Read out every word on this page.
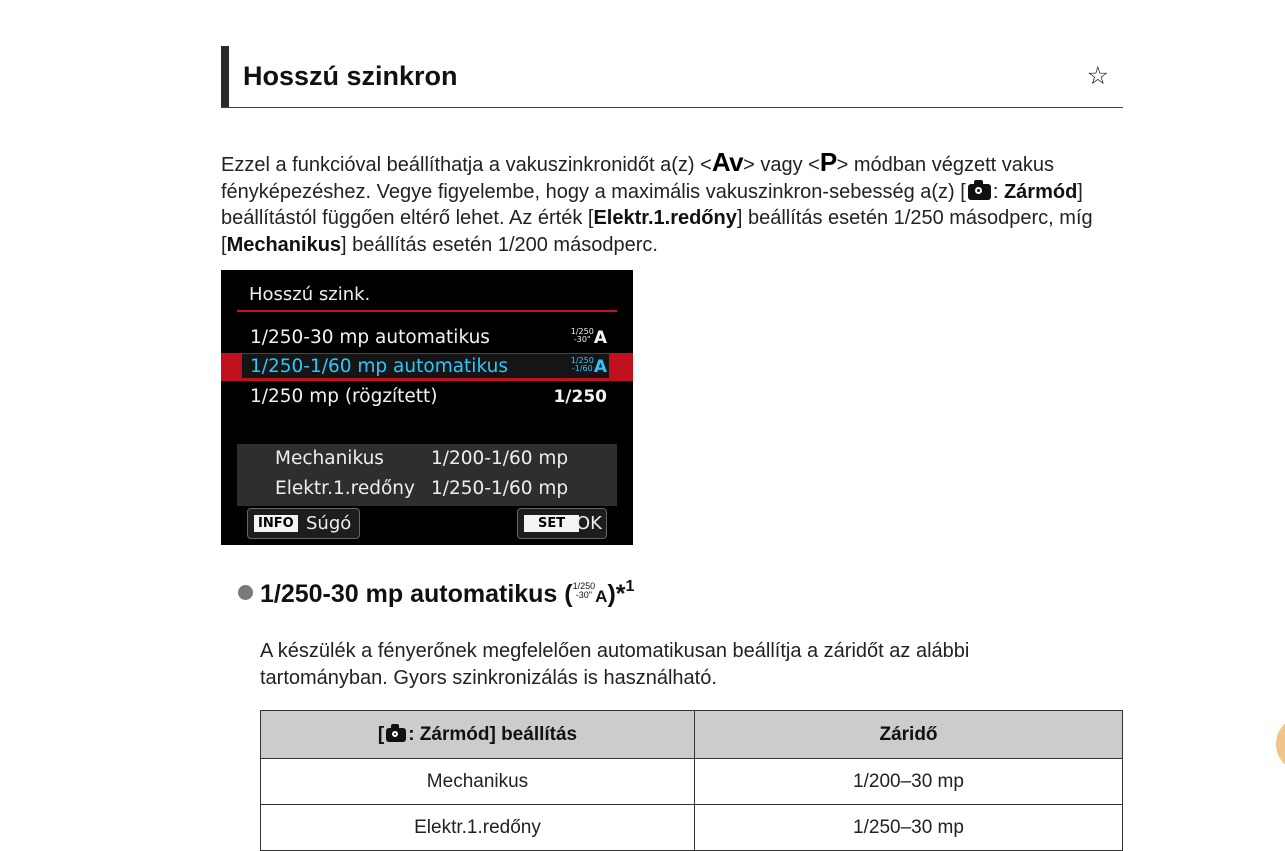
Hosszú szinkron	☆
Ezzel a funkcióval beállíthatja a vakuszinkronidőt a(z) <Av> vagy <P> módban végzett vakus fényképezéshez. Vegye figyelembe, hogy a maximális vakuszinkron-sebesség a(z) [ : Zármód] beállítástól függően eltérő lehet. Az érték [Elektr.1.redőny] beállítás esetén 1/250 másodperc, míg [Mechanikus] beállítás esetén 1/200 másodperc.
Hosszú szink.
1/250-30 mp automatikus	1/250
-30" A
1/250-1/60 mp automatikus	1/250
-1/60 A
1/250 mp (rögzített)	1/250
Mechanikus	1/200-1/60 mp
Elektr.1.redőny 1/250-1/60 mp
INFO Súgó	SET OK
1/250-30 mp automatikus ( 1/250
-30" A)*$^1$
A készülék a fényerőnek megfelelően automatikusan beállítja a záridőt az alábbi tartományban. Gyors szinkronizálás is használható.
[ : Zármód] beállítás	Záridő
Mechanikus	1/200–30 mp
Elektr.1.redőny	1/250–30 mp
